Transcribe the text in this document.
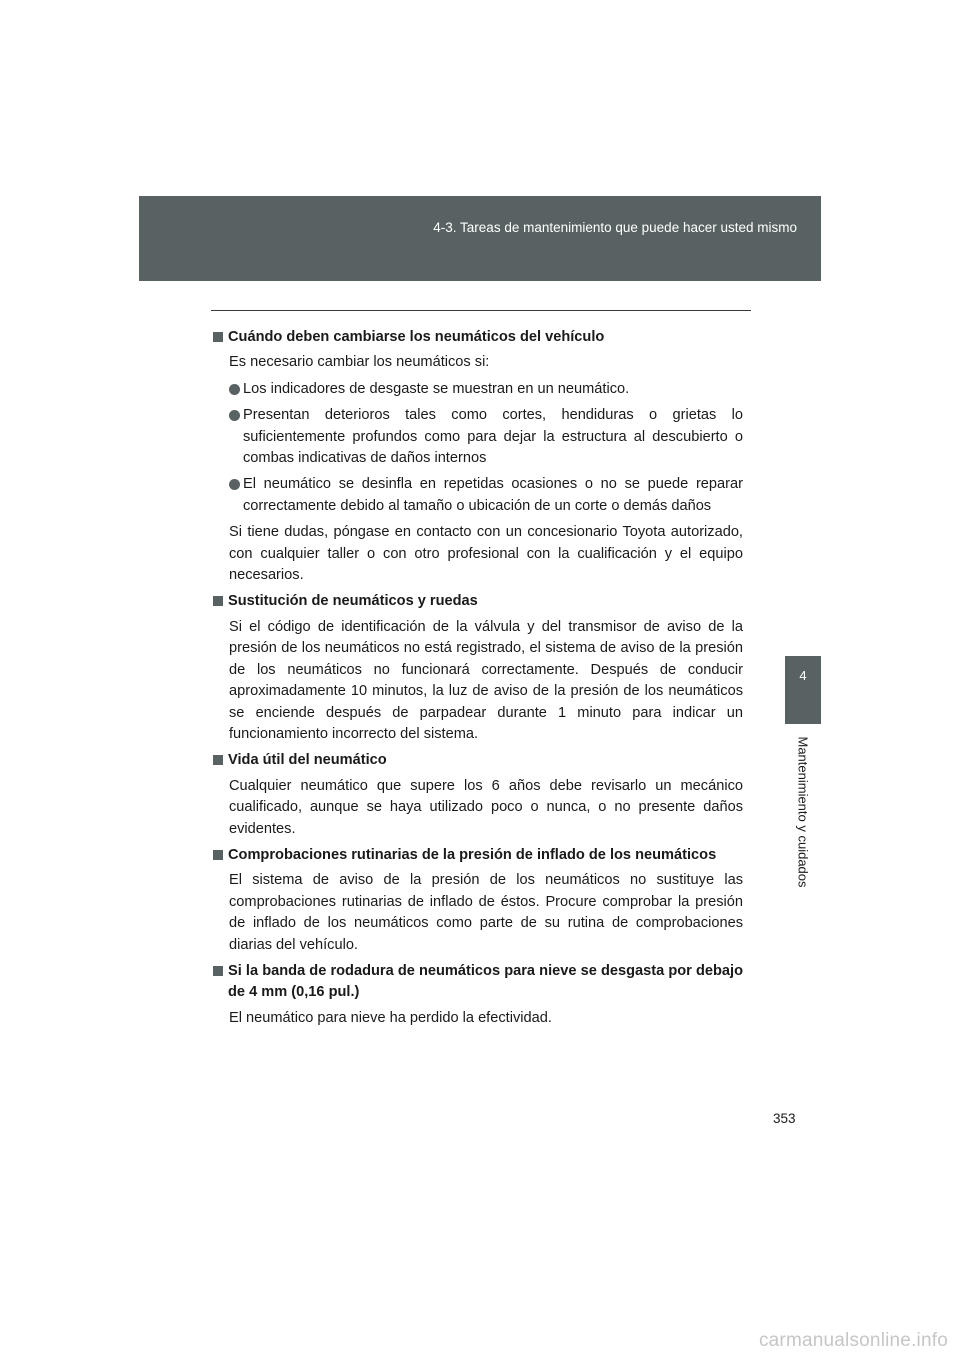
4-3. Tareas de mantenimiento que puede hacer usted mismo
4
Mantenimiento y cuidados
Cuándo deben cambiarse los neumáticos del vehículo
Es necesario cambiar los neumáticos si:
Los indicadores de desgaste se muestran en un neumático.
Presentan deterioros tales como cortes, hendiduras o grietas lo suficientemente profundos como para dejar la estructura al descubierto o combas indicativas de daños internos
El neumático se desinfla en repetidas ocasiones o no se puede reparar correctamente debido al tamaño o ubicación de un corte o demás daños
Si tiene dudas, póngase en contacto con un concesionario Toyota autorizado, con cualquier taller o con otro profesional con la cualificación y el equipo necesarios.
Sustitución de neumáticos y ruedas
Si el código de identificación de la válvula y del transmisor de aviso de la presión de los neumáticos no está registrado, el sistema de aviso de la presión de los neumáticos no funcionará correctamente. Después de conducir aproximadamente 10 minutos, la luz de aviso de la presión de los neumáticos se enciende después de parpadear durante 1 minuto para indicar un funcionamiento incorrecto del sistema.
Vida útil del neumático
Cualquier neumático que supere los 6 años debe revisarlo un mecánico cualificado, aunque se haya utilizado poco o nunca, o no presente daños evidentes.
Comprobaciones rutinarias de la presión de inflado de los neumáticos
El sistema de aviso de la presión de los neumáticos no sustituye las comprobaciones rutinarias de inflado de éstos. Procure comprobar la presión de inflado de los neumáticos como parte de su rutina de comprobaciones diarias del vehículo.
Si la banda de rodadura de neumáticos para nieve se desgasta por debajo de 4 mm (0,16 pul.)
El neumático para nieve ha perdido la efectividad.
353
carmanualsonline.info
